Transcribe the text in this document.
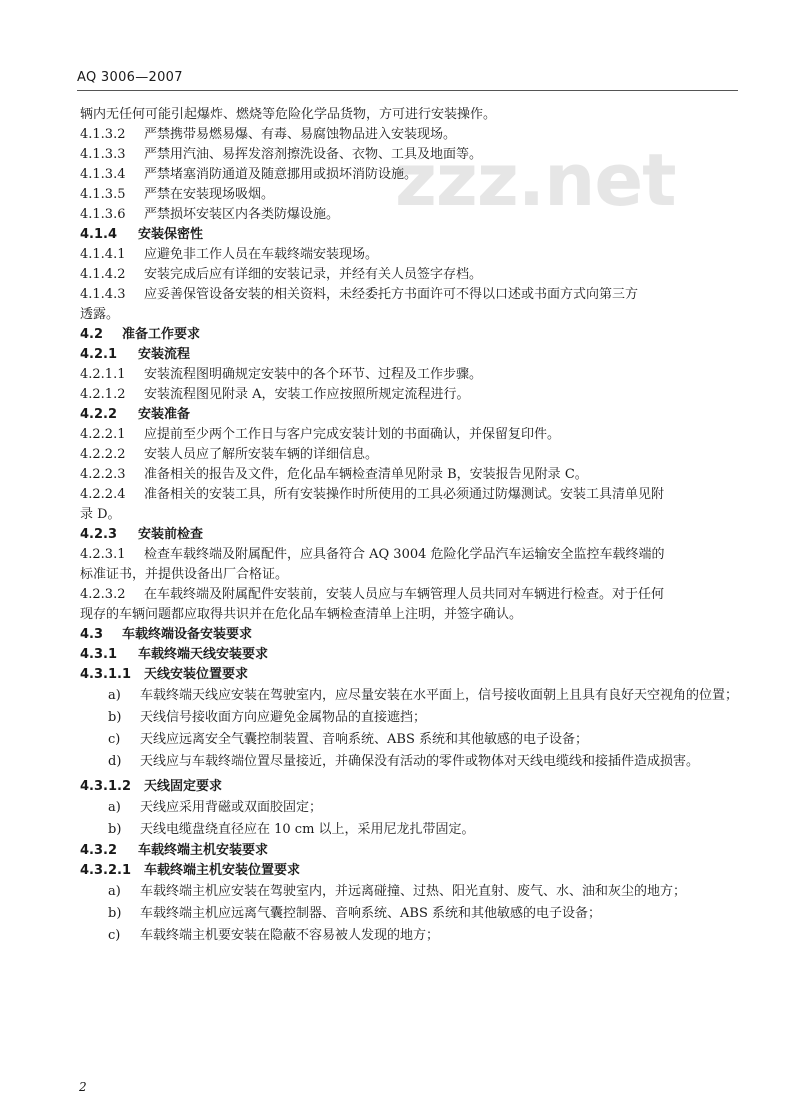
AQ 3006—2007
zzz.net

辆内无任何可能引起爆炸、燃烧等危险化学品货物，方可进行安装操作。

4.1.3.2 严禁携带易燃易爆、有毒、易腐蚀物品进入安装现场。

4.1.3.3 严禁用汽油、易挥发溶剂擦洗设备、衣物、工具及地面等。

4.1.3.4 严禁堵塞消防通道及随意挪用或损坏消防设施。

4.1.3.5 严禁在安装现场吸烟。

4.1.3.6 严禁损坏安装区内各类防爆设施。

4.1.4 安装保密性

4.1.4.1 应避免非工作人员在车载终端安装现场。

4.1.4.2 安装完成后应有详细的安装记录，并经有关人员签字存档。

4.1.4.3 应妥善保管设备安装的相关资料，未经委托方书面许可不得以口述或书面方式向第三方

透露。

4.2 准备工作要求

4.2.1 安装流程

4.2.1.1 安装流程图明确规定安装中的各个环节、过程及工作步骤。

4.2.1.2 安装流程图见附录 A，安装工作应按照所规定流程进行。

4.2.2 安装准备

4.2.2.1 应提前至少两个工作日与客户完成安装计划的书面确认，并保留复印件。

4.2.2.2 安装人员应了解所安装车辆的详细信息。

4.2.2.3 准备相关的报告及文件，危化品车辆检查清单见附录 B，安装报告见附录 C。

4.2.2.4 准备相关的安装工具，所有安装操作时所使用的工具必须通过防爆测试。安装工具清单见附

录 D。

4.2.3 安装前检查

4.2.3.1 检查车载终端及附属配件，应具备符合 AQ 3004 危险化学品汽车运输安全监控车载终端的

标准证书，并提供设备出厂合格证。

4.2.3.2 在车载终端及附属配件安装前，安装人员应与车辆管理人员共同对车辆进行检查。对于任何

现存的车辆问题都应取得共识并在危化品车辆检查清单上注明，并签字确认。

4.3 车载终端设备安装要求

4.3.1 车载终端天线安装要求

4.3.1.1 天线安装位置要求

a) 车载终端天线应安装在驾驶室内，应尽量安装在水平面上，信号接收面朝上且具有良好天空视角的位置；
b) 天线信号接收面方向应避免金属物品的直接遮挡；
c) 天线应远离安全气囊控制装置、音响系统、ABS 系统和其他敏感的电子设备；
d) 天线应与车载终端位置尽量接近，并确保没有活动的零件或物体对天线电缆线和接插件造成损害。

4.3.1.2 天线固定要求

a) 天线应采用背磁或双面胶固定；
b) 天线电缆盘绕直径应在 10 cm 以上，采用尼龙扎带固定。

4.3.2 车载终端主机安装要求

4.3.2.1 车载终端主机安装位置要求

a) 车载终端主机应安装在驾驶室内，并远离碰撞、过热、阳光直射、废气、水、油和灰尘的地方；
b) 车载终端主机应远离气囊控制器、音响系统、ABS 系统和其他敏感的电子设备；
c) 车载终端主机要安装在隐蔽不容易被人发现的地方；
2
